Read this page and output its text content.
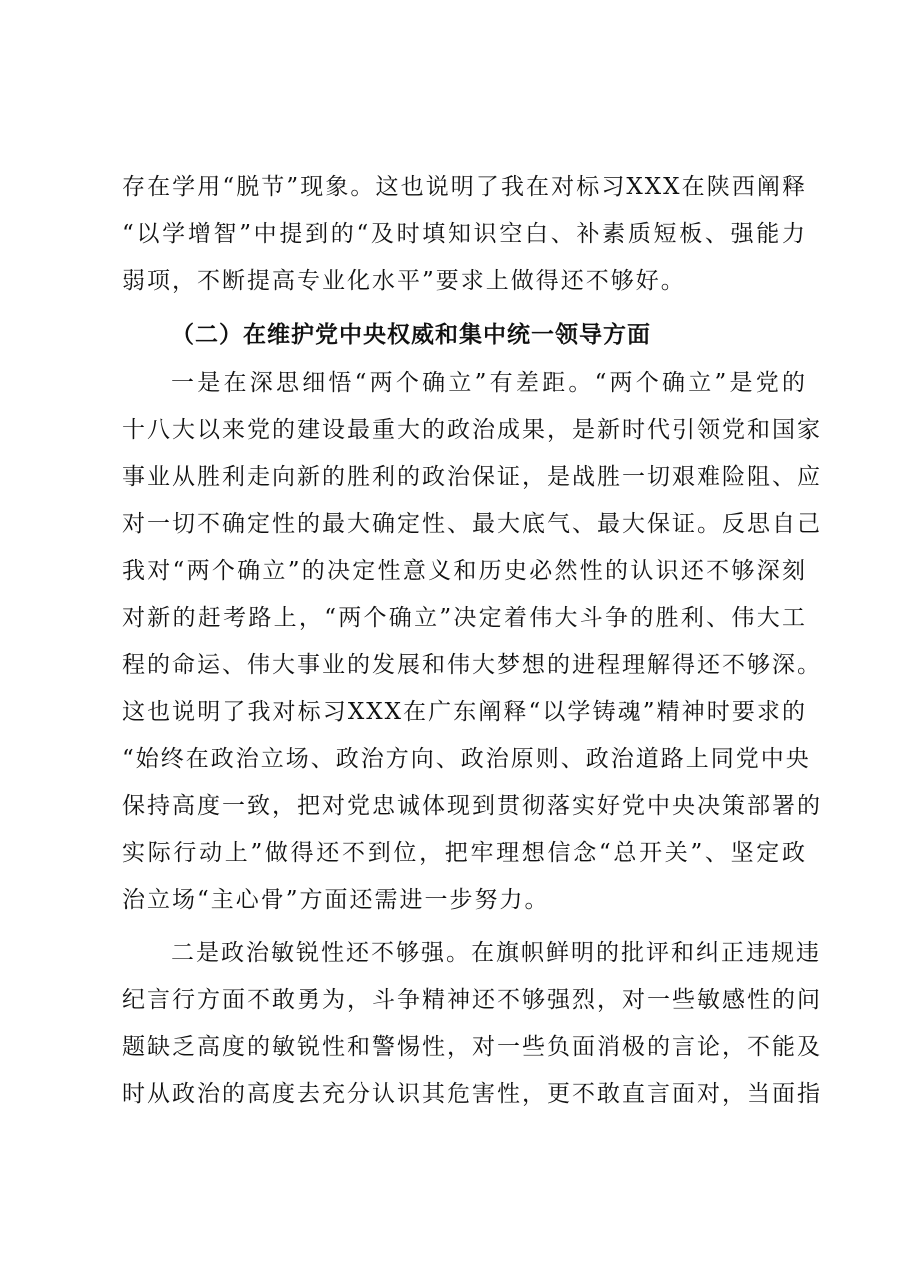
存在学用“脱节”现象。这也说明了我在对标习XXX在陕西阐释
“以学增智”中提到的“及时填知识空白、补素质短板、强能力
弱项，不断提高专业化水平”要求上做得还不够好。
（二）在维护党中央权威和集中统一领导方面
一是在深思细悟“两个确立”有差距。“两个确立”是党的
十八大以来党的建设最重大的政治成果，是新时代引领党和国家
事业从胜利走向新的胜利的政治保证，是战胜一切艰难险阻、应
对一切不确定性的最大确定性、最大底气、最大保证。反思自己
我对“两个确立”的决定性意义和历史必然性的认识还不够深刻
对新的赶考路上，“两个确立”决定着伟大斗争的胜利、伟大工
程的命运、伟大事业的发展和伟大梦想的进程理解得还不够深。
这也说明了我对标习XXX在广东阐释“以学铸魂”精神时要求的
“始终在政治立场、政治方向、政治原则、政治道路上同党中央
保持高度一致，把对党忠诚体现到贯彻落实好党中央决策部署的
实际行动上”做得还不到位，把牢理想信念“总开关”、坚定政
治立场“主心骨”方面还需进一步努力。
二是政治敏锐性还不够强。在旗帜鲜明的批评和纠正违规违
纪言行方面不敢勇为，斗争精神还不够强烈，对一些敏感性的问
题缺乏高度的敏锐性和警惕性，对一些负面消极的言论，不能及
时从政治的高度去充分认识其危害性，更不敢直言面对，当面指
